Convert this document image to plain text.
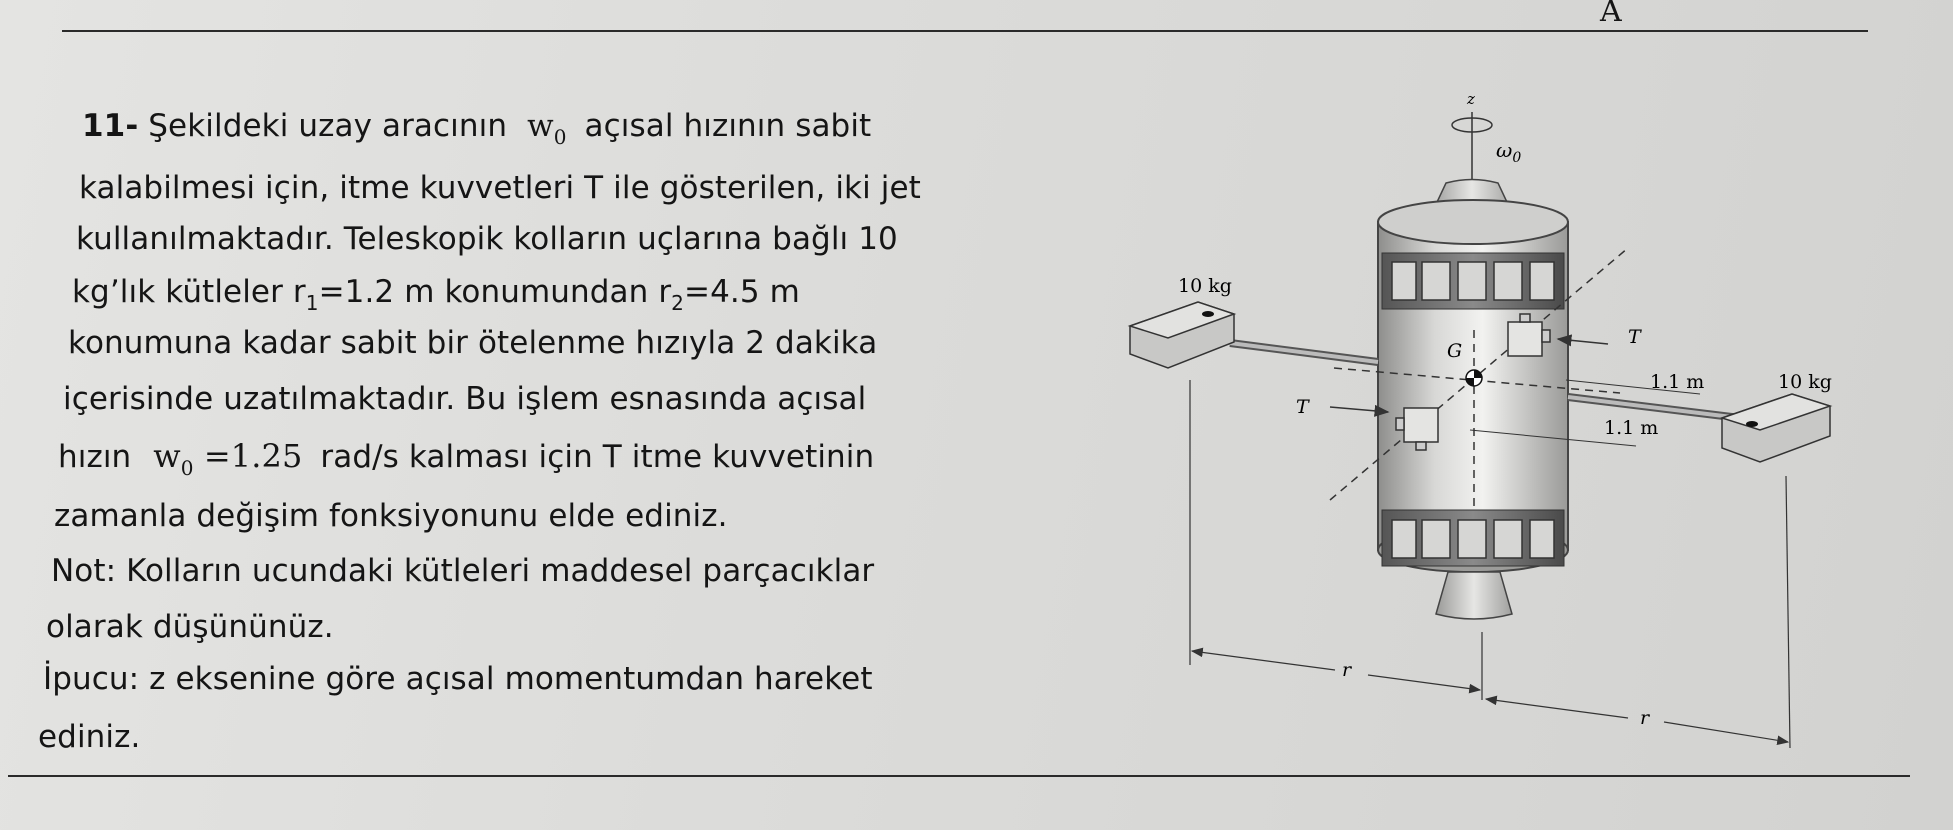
A
11- Şekildeki uzay aracının $w_0$ açısal hızının sabit
kalabilmesi için, itme kuvvetleri T ile gösterilen, iki jet
kullanılmaktadır. Teleskopik kolların uçlarına bağlı 10
kg’lık kütleler $r_1=1.2$ m konumundan $r_2=4.5$ m
konumuna kadar sabit bir ötelenme hızıyla 2 dakika
içerisinde uzatılmaktadır. Bu işlem esnasında açısal
hızın $w_0 =1.25$ rad/s kalması için T itme kuvvetinin
zamanla değişim fonksiyonunu elde ediniz.
Not: Kolların ucundaki kütleleri maddesel parçacıklar
olarak düşününüz.
İpucu: z eksenine göre açısal momentumdan hareket
ediniz.
z
$\omega_0$
G
T
T
1.1 m
1.1 m
10 kg
10 kg
r
r
